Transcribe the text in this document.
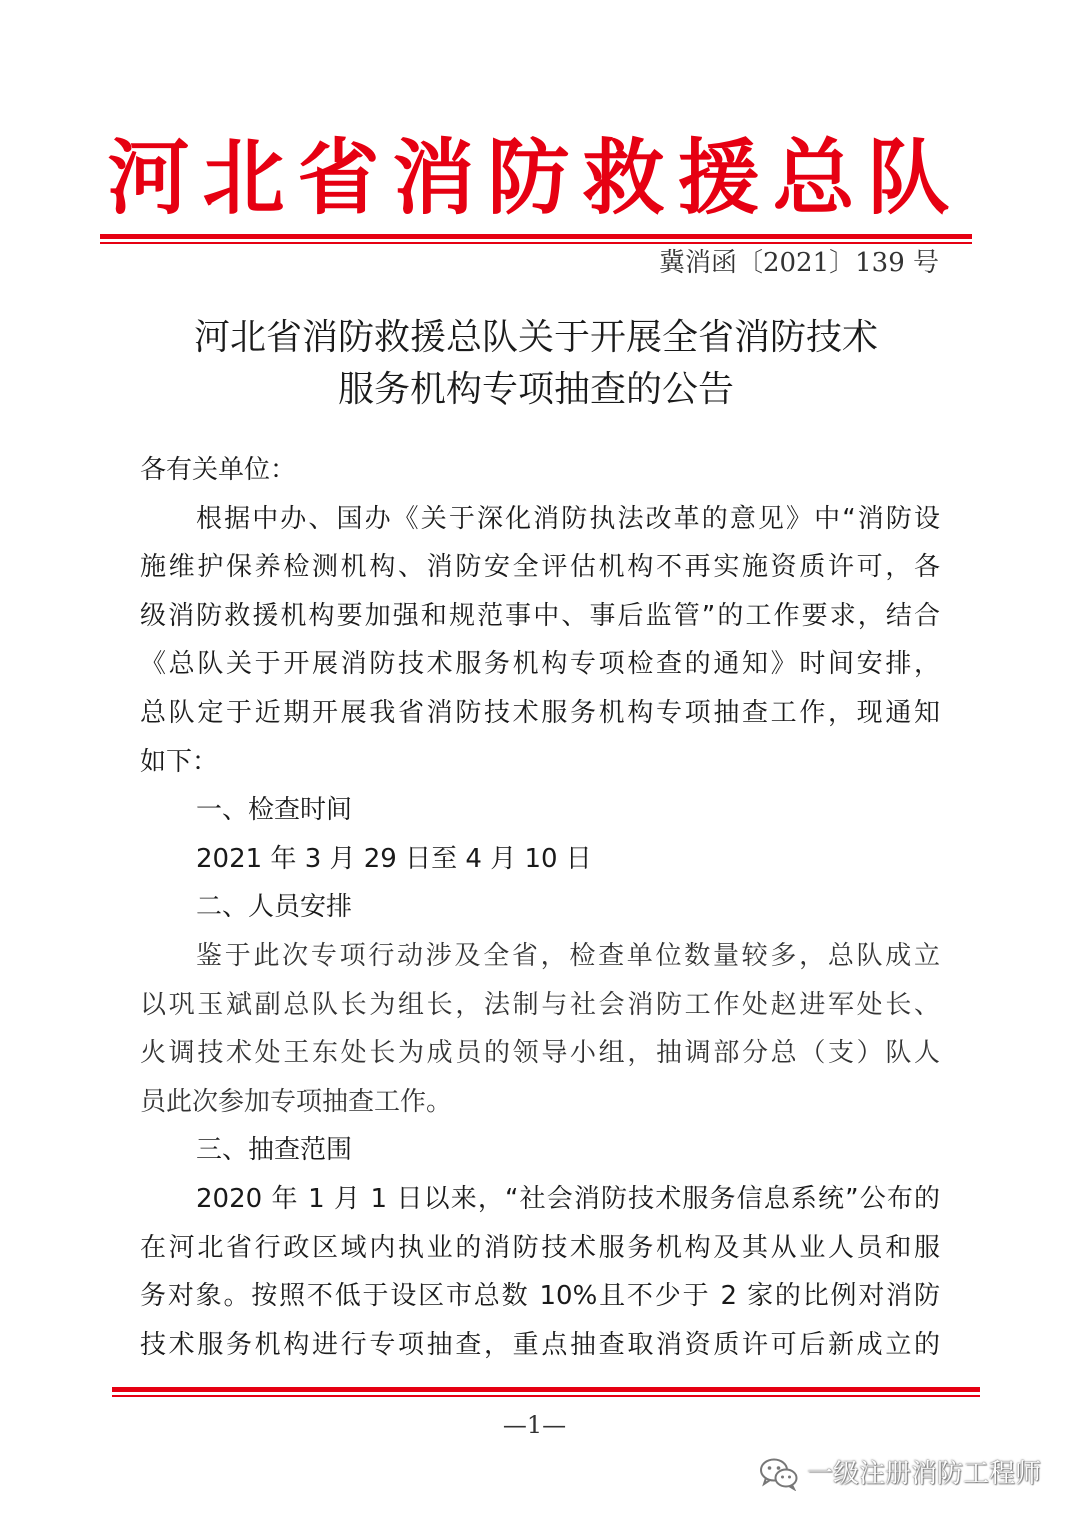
河北省消防救援总队
冀消函〔2021〕139 号
河北省消防救援总队关于开展全省消防技术
服务机构专项抽查的公告
各有关单位：
根据中办、国办《关于深化消防执法改革的意见》中“消防设
施维护保养检测机构、消防安全评估机构不再实施资质许可，各
级消防救援机构要加强和规范事中、事后监管”的工作要求，结合
《总队关于开展消防技术服务机构专项检查的通知》时间安排，
总队定于近期开展我省消防技术服务机构专项抽查工作，现通知
如下：
一、检查时间
2021 年 3 月 29 日至 4 月 10 日
二、人员安排
鉴于此次专项行动涉及全省，检查单位数量较多，总队成立
以巩玉斌副总队长为组长，法制与社会消防工作处赵进军处长、
火调技术处王东处长为成员的领导小组，抽调部分总（支）队人
员此次参加专项抽查工作。
三、抽查范围
2020 年 1 月 1 日以来，“社会消防技术服务信息系统”公布的
在河北省行政区域内执业的消防技术服务机构及其从业人员和服
务对象。按照不低于设区市总数 10%且不少于 2 家的比例对消防
技术服务机构进行专项抽查，重点抽查取消资质许可后新成立的
—1—
一级注册消防工程师
